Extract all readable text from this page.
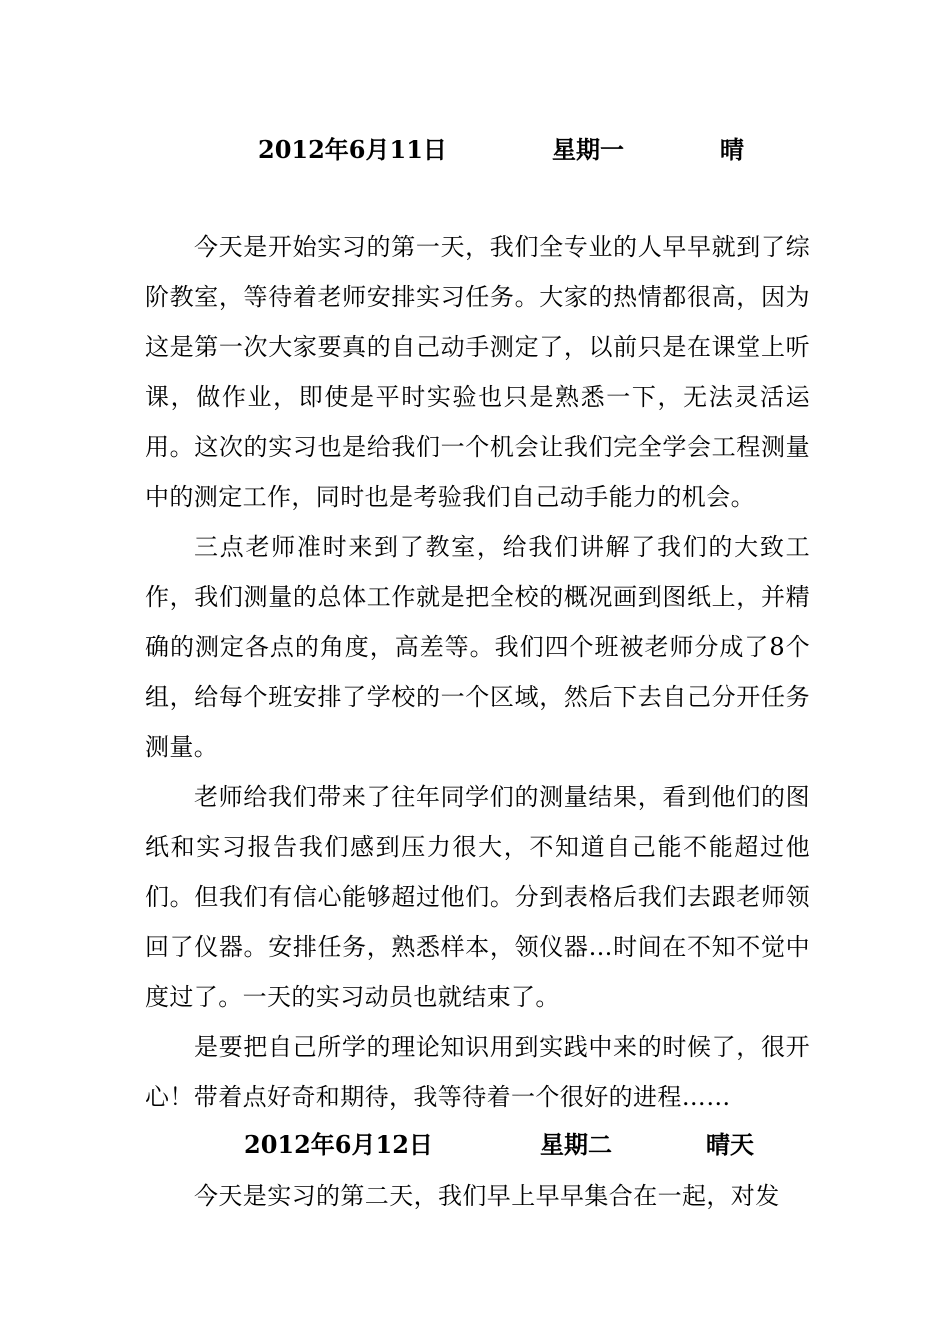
2012年6月11日	星期一	晴

今天是开始实习的第一天，我们全专业的人早早就到了综阶教室，等待着老师安排实习任务。大家的热情都很高，因为这是第一次大家要真的自己动手测定了，以前只是在课堂上听课，做作业，即使是平时实验也只是熟悉一下，无法灵活运用。这次的实习也是给我们一个机会让我们完全学会工程测量中的测定工作，同时也是考验我们自己动手能力的机会。

三点老师准时来到了教室，给我们讲解了我们的大致工作，我们测量的总体工作就是把全校的概况画到图纸上，并精确的测定各点的角度，高差等。我们四个班被老师分成了8个组，给每个班安排了学校的一个区域，然后下去自己分开任务测量。

老师给我们带来了往年同学们的测量结果，看到他们的图纸和实习报告我们感到压力很大，不知道自己能不能超过他们。但我们有信心能够超过他们。分到表格后我们去跟老师领回了仪器。安排任务，熟悉样本，领仪器…时间在不知不觉中度过了。一天的实习动员也就结束了。

是要把自己所学的理论知识用到实践中来的时候了，很开心！带着点好奇和期待，我等待着一个很好的进程……

2012年6月12日	星期二	晴天
今天是实习的第二天，我们早上早早集合在一起，对发
